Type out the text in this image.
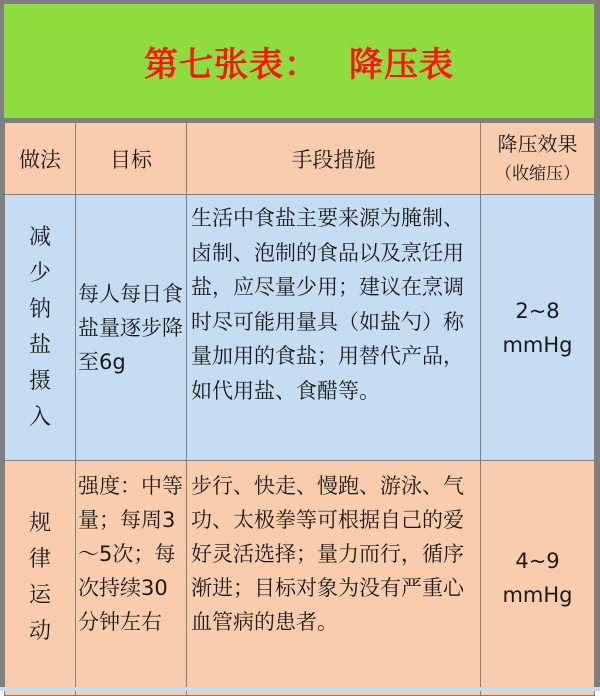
第七张表： 降压表
做法	目标	手段措施	降压效果
（收缩压）

减少钠盐摄入	每人每日食盐量逐步降至6g	生活中食盐主要来源为腌制、卤制、泡制的食品以及烹饪用盐，应尽量少用；建议在烹调时尽可能用量具（如盐勺）称量加用的食盐；用替代产品，如代用盐、食醋等。	2~8
mmHg

规律运动	强度：中等量；每周3～5次；每次持续30分钟左右	步行、快走、慢跑、游泳、气功、太极拳等可根据自己的爱好灵活选择；量力而行，循序渐进；目标对象为没有严重心血管病的患者。	4~9
mmHg
